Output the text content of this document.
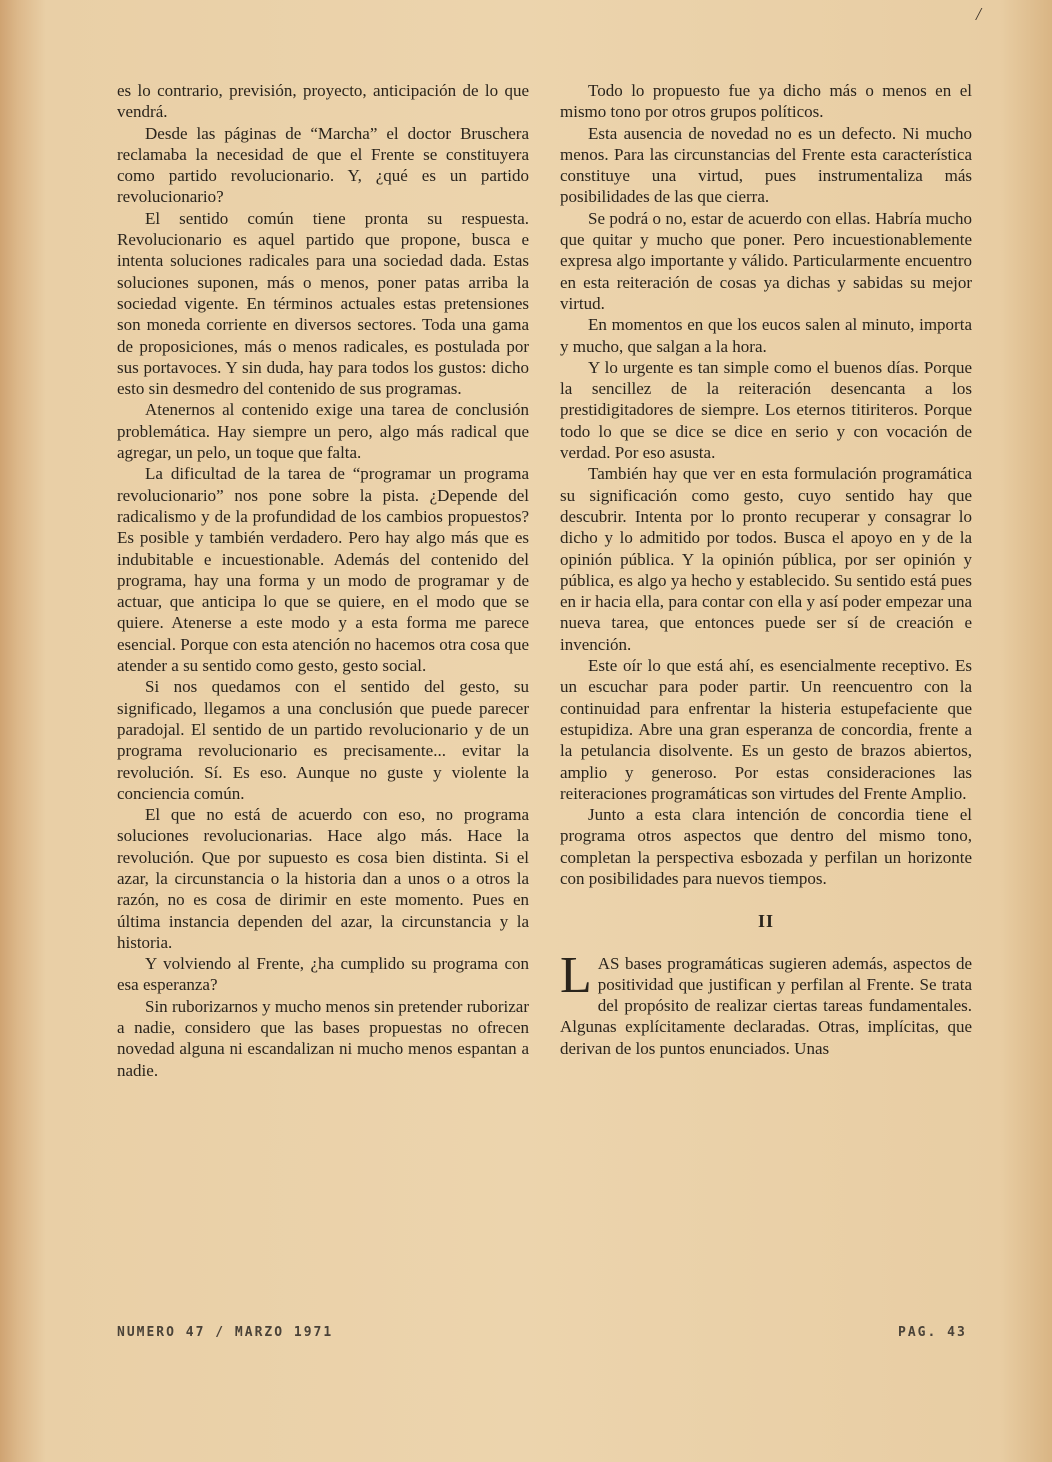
/

es lo contrario, previsión, proyecto, anticipación de lo que vendrá.

Desde las páginas de “Marcha” el doctor Bruschera reclamaba la necesidad de que el Frente se constituyera como partido revolucionario. Y, ¿qué es un partido revolucionario?

El sentido común tiene pronta su respuesta. Revolucionario es aquel partido que propone, busca e intenta soluciones radicales para una sociedad dada. Estas soluciones suponen, más o menos, poner patas arriba la sociedad vigente. En términos actuales estas pretensiones son moneda corriente en diversos sectores. Toda una gama de proposiciones, más o menos radicales, es postulada por sus portavoces. Y sin duda, hay para todos los gustos: dicho esto sin desmedro del contenido de sus programas.

Atenernos al contenido exige una tarea de conclusión problemática. Hay siempre un pero, algo más radical que agregar, un pelo, un toque que falta.

La dificultad de la tarea de “programar un programa revolucionario” nos pone sobre la pista. ¿Depende del radicalismo y de la profundidad de los cambios propuestos? Es posible y también verdadero. Pero hay algo más que es indubitable e incuestionable. Además del contenido del programa, hay una forma y un modo de programar y de actuar, que anticipa lo que se quiere, en el modo que se quiere. Atenerse a este modo y a esta forma me parece esencial. Porque con esta atención no hacemos otra cosa que atender a su sentido como gesto, gesto social.

Si nos quedamos con el sentido del gesto, su significado, llegamos a una conclusión que puede parecer paradojal. El sentido de un partido revolucionario y de un programa revolucionario es precisamente... evitar la revolución. Sí. Es eso. Aunque no guste y violente la conciencia común.

El que no está de acuerdo con eso, no programa soluciones revolucionarias. Hace algo más. Hace la revolución. Que por supuesto es cosa bien distinta. Si el azar, la circunstancia o la historia dan a unos o a otros la razón, no es cosa de dirimir en este momento. Pues en última instancia dependen del azar, la circunstancia y la historia.

Y volviendo al Frente, ¿ha cumplido su programa con esa esperanza?

Sin ruborizarnos y mucho menos sin pretender ruborizar a nadie, considero que las bases propuestas no ofrecen novedad alguna ni escandalizan ni mucho menos espantan a nadie.

Todo lo propuesto fue ya dicho más o menos en el mismo tono por otros grupos políticos.

Esta ausencia de novedad no es un defecto. Ni mucho menos. Para las circunstancias del Frente esta característica constituye una virtud, pues instrumentaliza más posibilidades de las que cierra.

Se podrá o no, estar de acuerdo con ellas. Habría mucho que quitar y mucho que poner. Pero incuestionablemente expresa algo importante y válido. Particularmente encuentro en esta reiteración de cosas ya dichas y sabidas su mejor virtud.

En momentos en que los eucos salen al minuto, importa y mucho, que salgan a la hora.

Y lo urgente es tan simple como el buenos días. Porque la sencillez de la reiteración desencanta a los prestidigitadores de siempre. Los eternos titiriteros. Porque todo lo que se dice se dice en serio y con vocación de verdad. Por eso asusta.

También hay que ver en esta formulación programática su significación como gesto, cuyo sentido hay que descubrir. Intenta por lo pronto recuperar y consagrar lo dicho y lo admitido por todos. Busca el apoyo en y de la opinión pública. Y la opinión pública, por ser opinión y pública, es algo ya hecho y establecido. Su sentido está pues en ir hacia ella, para contar con ella y así poder empezar una nueva tarea, que entonces puede ser sí de creación e invención.

Este oír lo que está ahí, es esencialmente receptivo. Es un escuchar para poder partir. Un reencuentro con la continuidad para enfrentar la histeria estupefaciente que estupidiza. Abre una gran esperanza de concordia, frente a la petulancia disolvente. Es un gesto de brazos abiertos, amplio y generoso. Por estas consideraciones las reiteraciones programáticas son virtudes del Frente Amplio.

Junto a esta clara intención de concordia tiene el programa otros aspectos que dentro del mismo tono, completan la perspectiva esbozada y perfilan un horizonte con posibilidades para nuevos tiempos.

II

LAS bases programáticas sugieren además, aspectos de positividad que justifican y perfilan al Frente. Se trata del propósito de realizar ciertas tareas fundamentales. Algunas explícitamente declaradas. Otras, implícitas, que derivan de los puntos enunciados. Unas

NUMERO 47 / MARZO 1971	PAG. 43
